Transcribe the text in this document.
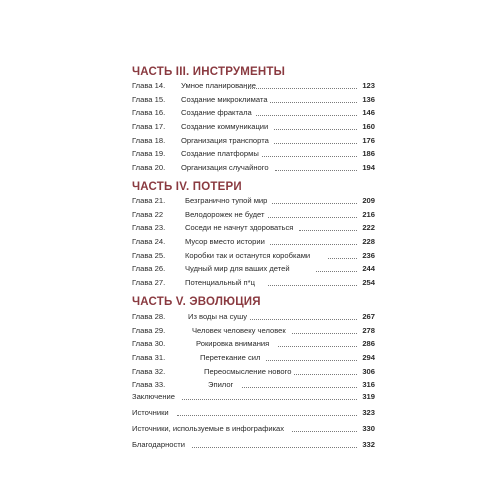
ЧАСТЬ III. ИНСТРУМЕНТЫ
Глава 14. Умное планирование	123
Глава 15. Создание микроклимата	136
Глава 16. Создание фрактала	146
Глава 17. Создание коммуникации	160
Глава 18. Организация транспорта	176
Глава 19. Создание платформы	186
Глава 20. Организация случайного	194
ЧАСТЬ IV. ПОТЕРИ
Глава 21.	Безгранично тупой мир	209
Глава 22	Велодорожек не будет	216
Глава 23.	Соседи не начнут здороваться	222
Глава 24.	Мусор вместо истории	228
Глава 25.	Коробки так и останутся коробками	236
Глава 26.	Чудный мир для ваших детей	244
Глава 27.	Потенциальный п*ц	254
ЧАСТЬ V. ЭВОЛЮЦИЯ
Глава 28.	Из воды на сушу	267
Глава 29.	Человек человеку человек	278
Глава 30.	Рокировка внимания	286
Глава 31.	Перетекание сил	294
Глава 32.	Переосмысление нового	306
Глава 33.	Эпилог	316
Заключение	319
Источники	323
Источники, используемые в инфографиках	330
Благодарности	332
